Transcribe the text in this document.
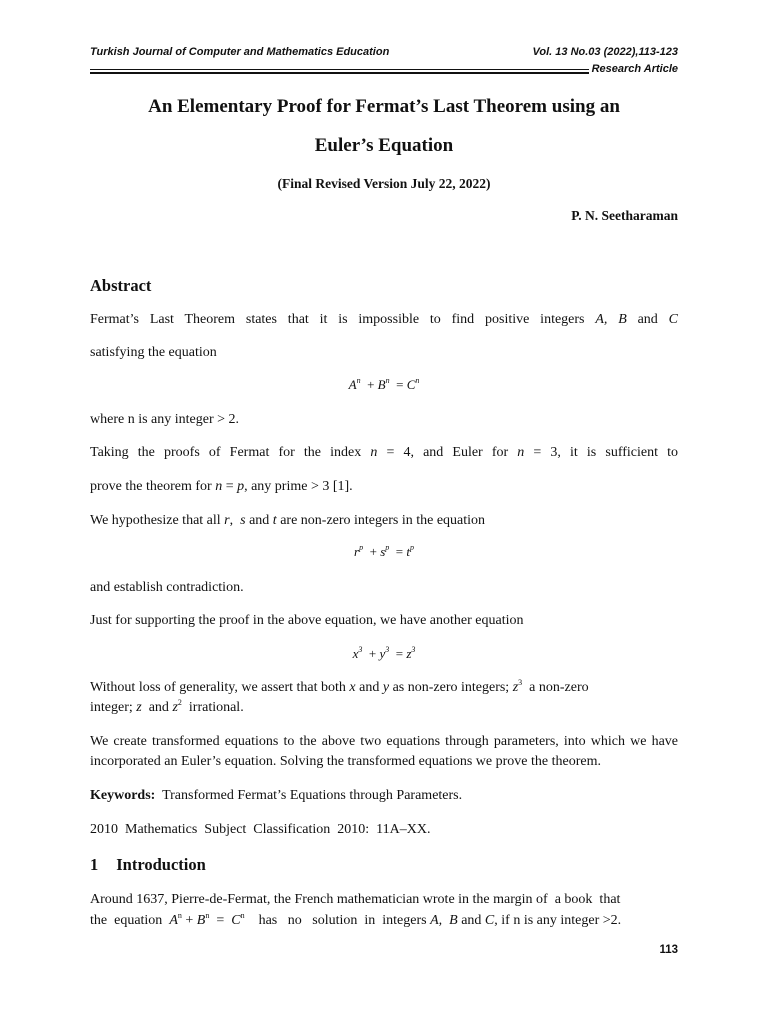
Turkish Journal of Computer and Mathematics Education	Vol. 13 No.03 (2022),113-123
Research Article
An Elementary Proof for Fermat’s Last Theorem using an
Euler’s Equation
(Final Revised Version July 22, 2022)
P. N. Seetharaman
Abstract
Fermat’s Last Theorem states that it is impossible to find positive integers A, B and C
satisfying the equation
$A^n + B^n = C^n$
where n is any integer > 2.
Taking the proofs of Fermat for the index n = 4, and Euler for n = 3, it is sufficient to
prove the theorem for n = p, any prime > 3 [1].
We hypothesize that all r,  s and t are non-zero integers in the equation
$r^p + s^p = t^p$
and establish contradiction.
Just for supporting the proof in the above equation, we have another equation
$x^3 + y^3 = z^3$
Without loss of generality, we assert that both x and y as non-zero integers; $z^3$  a non-zero
integer; z  and $z^2$  irrational.
We create transformed equations to the above two equations through parameters, into which we have incorporated an Euler’s equation. Solving the transformed equations we prove the theorem.
Keywords:  Transformed Fermat’s Equations through Parameters.
2010  Mathematics  Subject  Classification  2010:  11A–XX.
1 Introduction
Around 1637, Pierre-de-Fermat, the French mathematician wrote in the margin of  a book  that
the  equation  $A^n + B^n = C^n$    has   no   solution  in  integers A,  B and C, if n is any integer >2.
113
